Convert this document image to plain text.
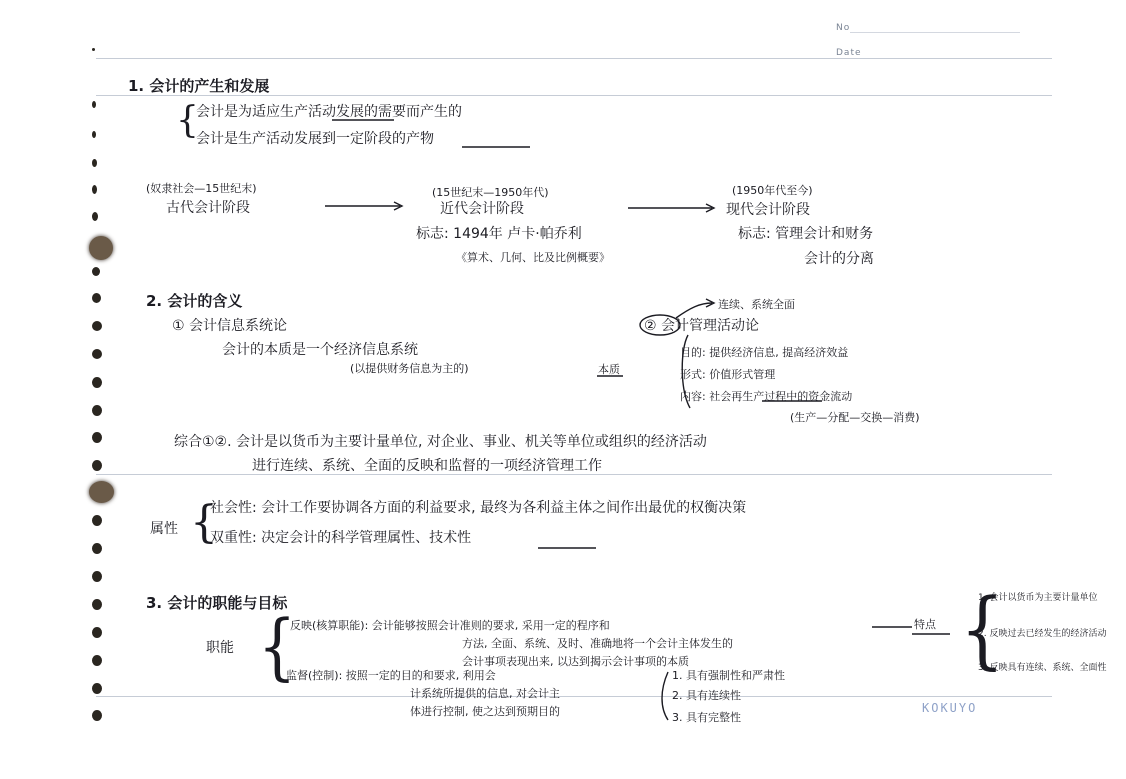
No
Date
{
{
{	{
1. 会计的产生和发展
会计是为适应生产活动发展的需要而产生的
会计是生产活动发展到一定阶段的产物
(奴隶社会—15世纪末)
古代会计阶段
(15世纪末—1950年代)
近代会计阶段
标志: 1494年 卢卡·帕乔利
《算术、几何、比及比例概要》
(1950年代至今)
现代会计阶段
标志: 管理会计和财务
会计的分离
2. 会计的含义
① 会计信息系统论
会计的本质是一个经济信息系统
(以提供财务信息为主的)	本质
连续、系统全面
② 会计管理活动论
目的: 提供经济信息, 提高经济效益
形式: 价值形式管理
内容: 社会再生产过程中的资金流动
(生产—分配—交换—消费)
综合①②. 会计是以货币为主要计量单位, 对企业、事业、机关等单位或组织的经济活动
进行连续、系统、全面的反映和监督的一项经济管理工作
属性
社会性: 会计工作要协调各方面的利益要求, 最终为各利益主体之间作出最优的权衡决策
双重性: 决定会计的科学管理属性、技术性
3. 会计的职能与目标
职能
反映(核算职能): 会计能够按照会计准则的要求, 采用一定的程序和
方法, 全面、系统、及时、准确地将一个会计主体发生的
会计事项表现出来, 以达到揭示会计事项的本质
监督(控制): 按照一定的目的和要求, 利用会
计系统所提供的信息, 对会计主
体进行控制, 使之达到预期目的
1. 具有强制性和严肃性
2. 具有连续性
3. 具有完整性
特点
1. 会计以货币为主要计量单位
2. 反映过去已经发生的经济活动
3. 反映具有连续、系统、全面性
KOKUYO
